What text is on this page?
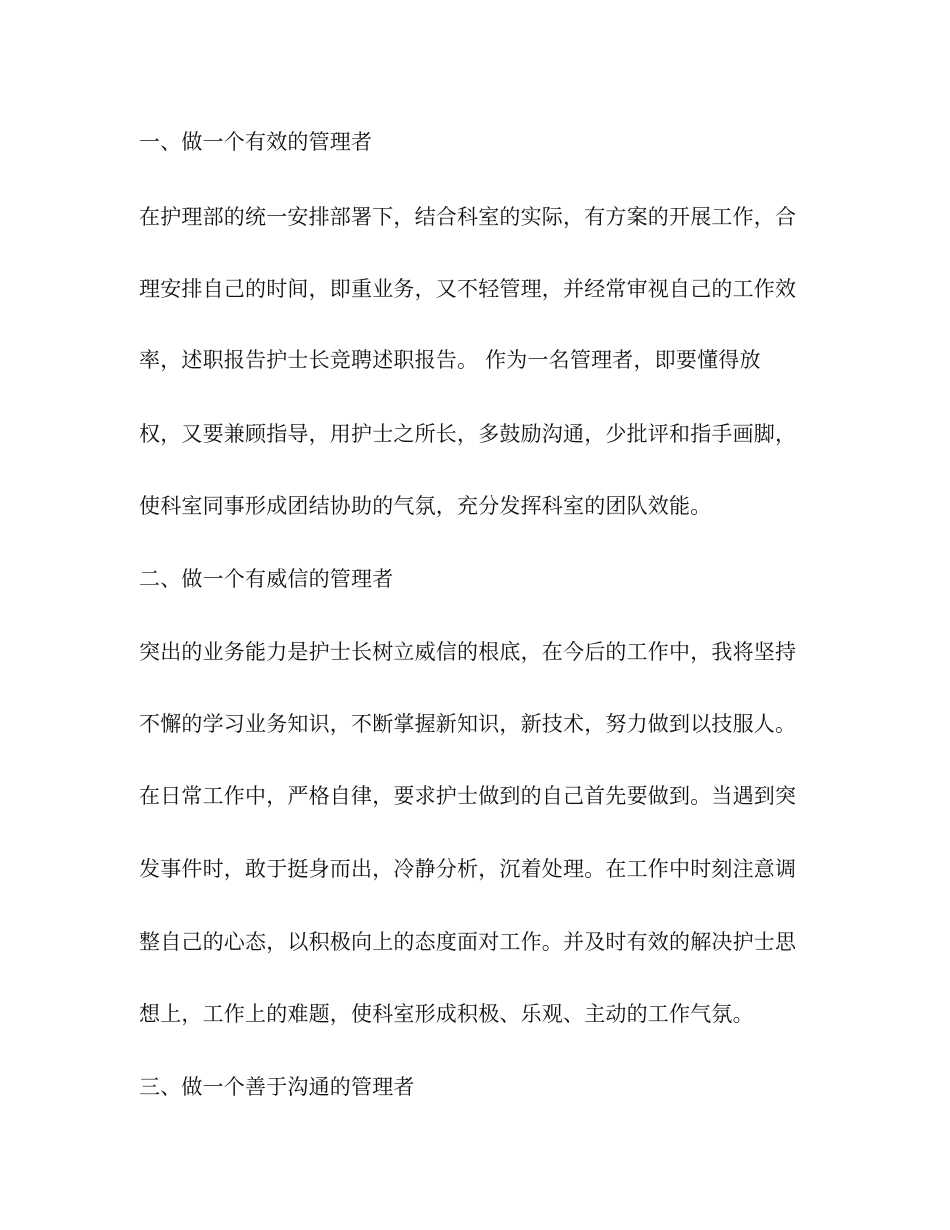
一、做一个有效的管理者
在护理部的统一安排部署下，结合科室的实际，有方案的开展工作，合
理安排自己的时间，即重业务，又不轻管理，并经常审视自己的工作效
率，述职报告护士长竞聘述职报告。 作为一名管理者，即要懂得放
权，又要兼顾指导，用护士之所长，多鼓励沟通，少批评和指手画脚，
使科室同事形成团结协助的气氛，充分发挥科室的团队效能。
二、做一个有威信的管理者
突出的业务能力是护士长树立威信的根底，在今后的工作中，我将坚持
不懈的学习业务知识，不断掌握新知识，新技术，努力做到以技服人。
在日常工作中，严格自律，要求护士做到的自己首先要做到。当遇到突
发事件时，敢于挺身而出，冷静分析，沉着处理。在工作中时刻注意调
整自己的心态，以积极向上的态度面对工作。并及时有效的解决护士思
想上，工作上的难题，使科室形成积极、乐观、主动的工作气氛。
三、做一个善于沟通的管理者
